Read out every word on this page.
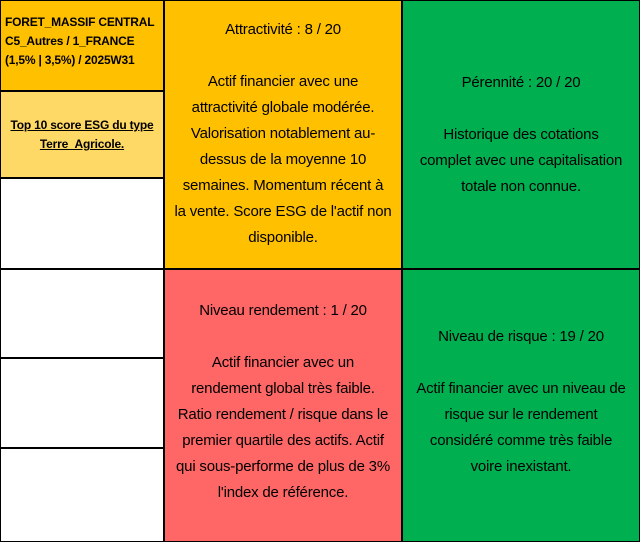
FORET_MASSIF CENTRAL
C5_Autres / 1_FRANCE
(1,5% | 3,5%) / 2025W31
Top 10 score ESG du type
Terre_Agricole.
Attractivité : 8 / 20
Actif financier avec une
attractivité globale modérée.
Valorisation notablement au-
dessus de la moyenne 10
semaines. Momentum récent à
la vente. Score ESG de l'actif non
disponible.
Pérennité : 20 / 20
Historique des cotations
complet avec une capitalisation
totale non connue.
Niveau rendement : 1 / 20
Actif financier avec un
rendement global très faible.
Ratio rendement / risque dans le
premier quartile des actifs. Actif
qui sous-performe de plus de 3%
l'index de référence.
Niveau de risque : 19 / 20
Actif financier avec un niveau de
risque sur le rendement
considéré comme très faible
voire inexistant.
